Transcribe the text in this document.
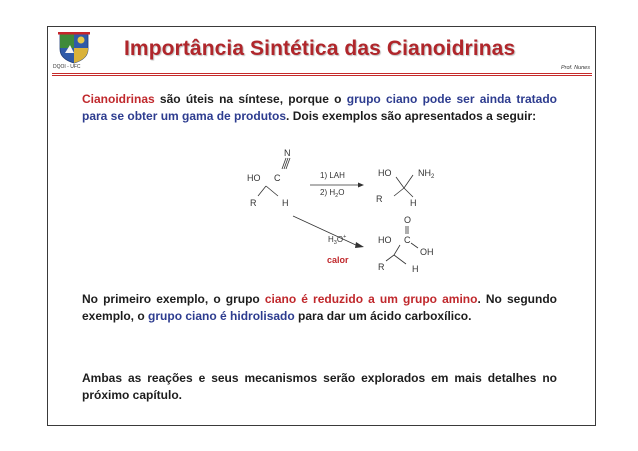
DQOI - UFC
Importância Sintética das Cianoidrinas
Prof. Nunes
Cianoidrinas são úteis na síntese, porque o grupo ciano pode ser ainda tratado para se obter um gama de produtos. Dois exemplos são apresentados a seguir:
N
HO C
R	H
1) LAH
2) $H_2O$
HO	$NH_2$
R	H
$H_3O^+$
O
HO C
OH
R	H
calor
No primeiro exemplo, o grupo ciano é reduzido a um grupo amino. No segundo exemplo, o grupo ciano é hidrolisado para dar um ácido carboxílico.
Ambas as reações e seus mecanismos serão explorados em mais detalhes no próximo capítulo.
